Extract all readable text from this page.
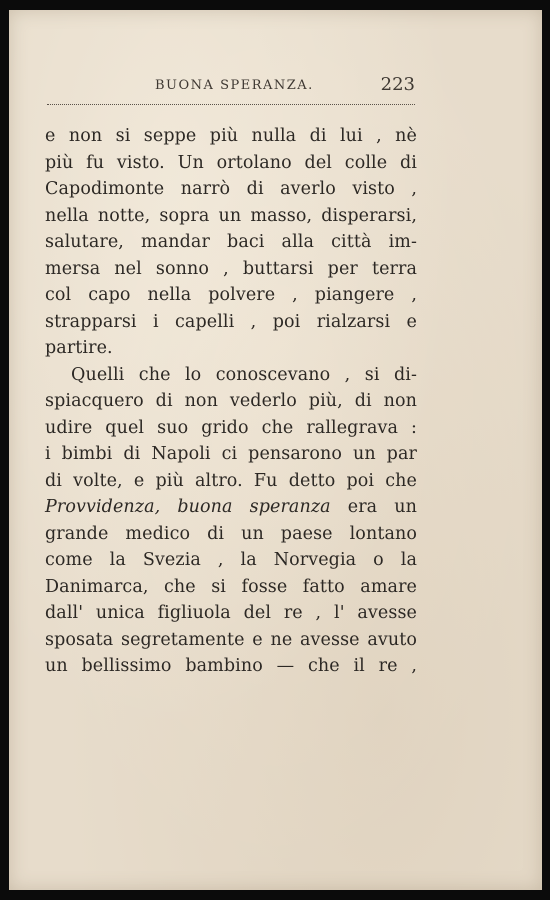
BUONA SPERANZA.	223
e non si seppe più nulla di lui , nè
più fu visto. Un ortolano del colle di
Capodimonte narrò di averlo visto ,
nella notte, sopra un masso, disperarsi,
salutare, mandar baci alla città im-
mersa nel sonno , buttarsi per terra
col capo nella polvere , piangere ,
strapparsi i capelli , poi rialzarsi e
partire.
Quelli che lo conoscevano , si di-
spiacquero di non vederlo più, di non
udire quel suo grido che rallegrava :
i bimbi di Napoli ci pensarono un par
di volte, e più altro. Fu detto poi che
Provvidenza, buona speranza era un
grande medico di un paese lontano
come la Svezia , la Norvegia o la
Danimarca, che si fosse fatto amare
dall' unica figliuola del re , l' avesse
sposata segretamente e ne avesse avuto
un bellissimo bambino — che il re ,
